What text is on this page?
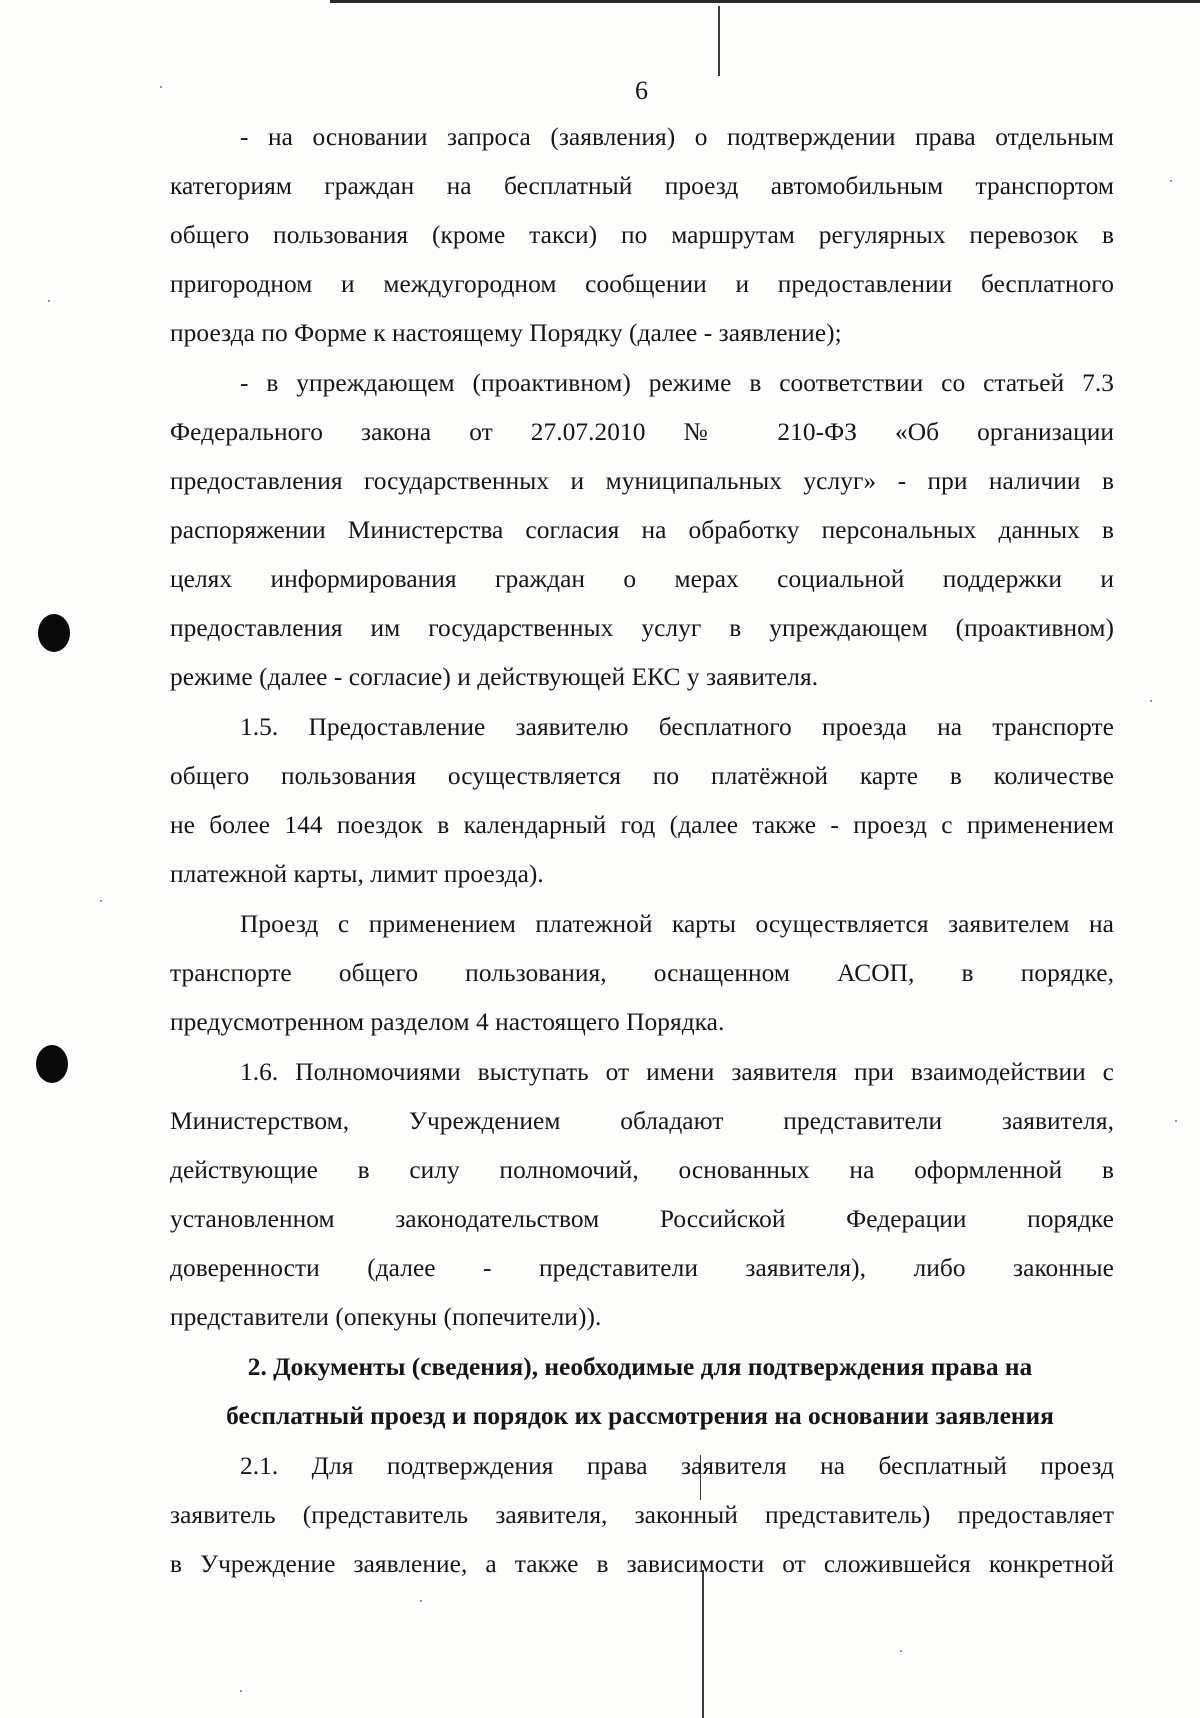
6
- на основании запроса (заявления) о подтверждении права отдельным
категориям граждан на бесплатный проезд автомобильным транспортом
общего пользования (кроме такси) по маршрутам регулярных перевозок в
пригородном и междугородном сообщении и предоставлении бесплатного
проезда по Форме к настоящему Порядку (далее - заявление);
- в упреждающем (проактивном) режиме в соответствии со статьей 7.3
Федерального закона от 27.07.2010 № 210-ФЗ «Об организации
предоставления государственных и муниципальных услуг» - при наличии в
распоряжении Министерства согласия на обработку персональных данных в
целях информирования граждан о мерах социальной поддержки и
предоставления им государственных услуг в упреждающем (проактивном)
режиме (далее - согласие) и действующей ЕКС у заявителя.
1.5. Предоставление заявителю бесплатного проезда на транспорте
общего пользования осуществляется по платёжной карте в количестве
не более 144 поездок в календарный год (далее также - проезд с применением
платежной карты, лимит проезда).
Проезд с применением платежной карты осуществляется заявителем на
транспорте общего пользования, оснащенном АСОП, в порядке,
предусмотренном разделом 4 настоящего Порядка.
1.6. Полномочиями выступать от имени заявителя при взаимодействии с
Министерством, Учреждением обладают представители заявителя,
действующие в силу полномочий, основанных на оформленной в
установленном законодательством Российской Федерации порядке
доверенности (далее - представители заявителя), либо законные
представители (опекуны (попечители)).
2. Документы (сведения), необходимые для подтверждения права на
бесплатный проезд и порядок их рассмотрения на основании заявления
2.1. Для подтверждения права заявителя на бесплатный проезд
заявитель (представитель заявителя, законный представитель) предоставляет
в Учреждение заявление, а также в зависимости от сложившейся конкретной
